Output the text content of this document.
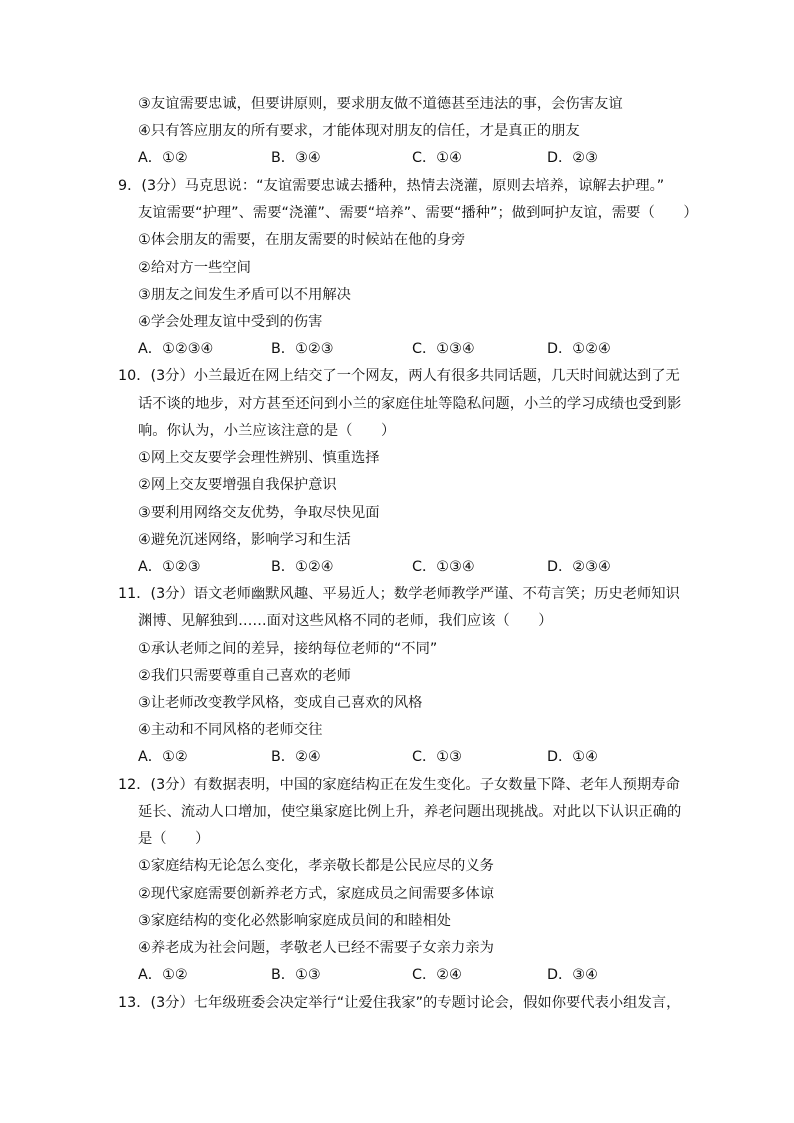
③友谊需要忠诚，但要讲原则，要求朋友做不道德甚至违法的事，会伤害友谊
④只有答应朋友的所有要求，才能体现对朋友的信任，才是真正的朋友
A．①②	B．③④	C．①④	D．②③
9．(3分）马克思说：“友谊需要忠诚去播种，热情去浇灌，原则去培养，谅解去护理。”
友谊需要“护理”、需要“浇灌”、需要“培养”、需要“播种”；做到呵护友谊，需要（　　）
①体会朋友的需要，在朋友需要的时候站在他的身旁
②给对方一些空间
③朋友之间发生矛盾可以不用解决
④学会处理友谊中受到的伤害
A．①②③④	B．①②③	C．①③④	D．①②④
10．(3分）小兰最近在网上结交了一个网友，两人有很多共同话题，几天时间就达到了无
话不谈的地步，对方甚至还问到小兰的家庭住址等隐私问题，小兰的学习成绩也受到影
响。你认为，小兰应该注意的是（　　）
①网上交友要学会理性辨别、慎重选择
②网上交友要增强自我保护意识
③要利用网络交友优势，争取尽快见面
④避免沉迷网络，影响学习和生活
A．①②③	B．①②④	C．①③④	D．②③④
11．(3分）语文老师幽默风趣、平易近人；数学老师教学严谨、不苟言笑；历史老师知识
渊博、见解独到……面对这些风格不同的老师，我们应该（　　）
①承认老师之间的差异，接纳每位老师的“不同”
②我们只需要尊重自己喜欢的老师
③让老师改变教学风格，变成自己喜欢的风格
④主动和不同风格的老师交往
A．①②	B．②④	C．①③	D．①④
12．(3分）有数据表明，中国的家庭结构正在发生变化。子女数量下降、老年人预期寿命
延长、流动人口增加，使空巢家庭比例上升，养老问题出现挑战。对此以下认识正确的
是（　　）
①家庭结构无论怎么变化，孝亲敬长都是公民应尽的义务
②现代家庭需要创新养老方式，家庭成员之间需要多体谅
③家庭结构的变化必然影响家庭成员间的和睦相处
④养老成为社会问题，孝敬老人已经不需要子女亲力亲为
A．①②	B．①③	C．②④	D．③④
13．(3分）七年级班委会决定举行“让爱住我家”的专题讨论会，假如你要代表小组发言，
